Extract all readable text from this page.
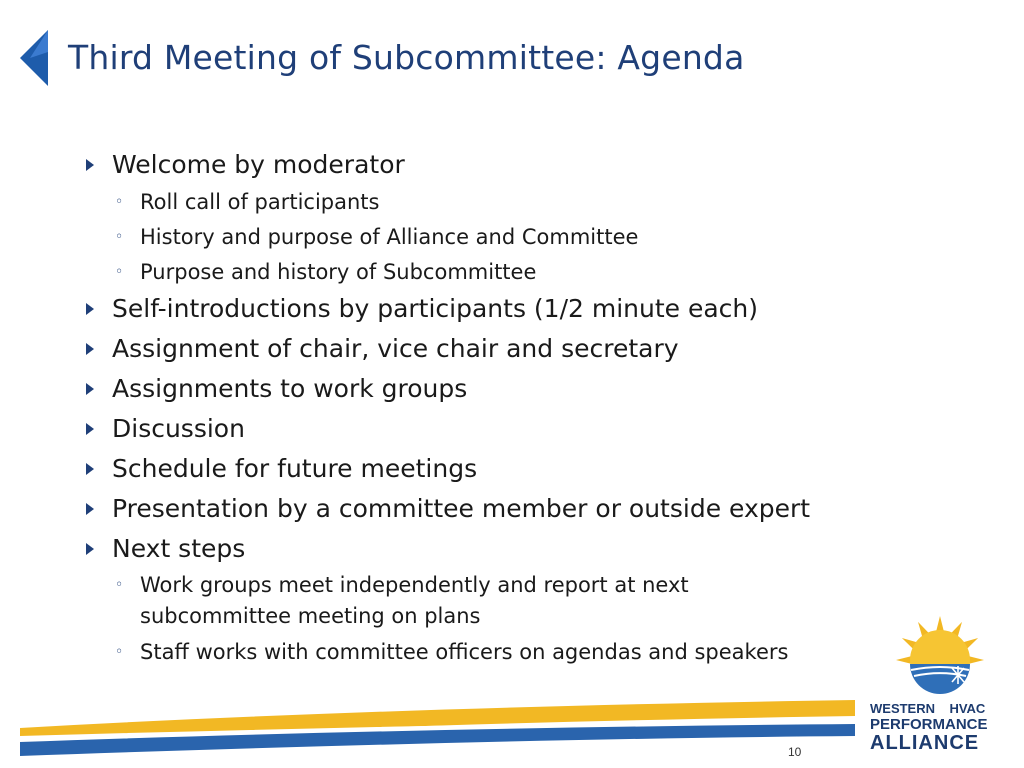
Third Meeting of Subcommittee: Agenda
Welcome by moderator
◦ Roll call of participants
◦ History and purpose of Alliance and Committee
◦ Purpose and history of Subcommittee
Self-introductions by participants (1/2 minute each)
Assignment of chair, vice chair and secretary
Assignments to work groups
Discussion
Schedule for future meetings
Presentation by a committee member or outside expert
Next steps
◦ Work groups meet independently and report at next subcommittee meeting on plans
◦ Staff works with committee officers on agendas and speakers
WESTERN HVAC
PERFORMANCE
ALLIANCE
10
